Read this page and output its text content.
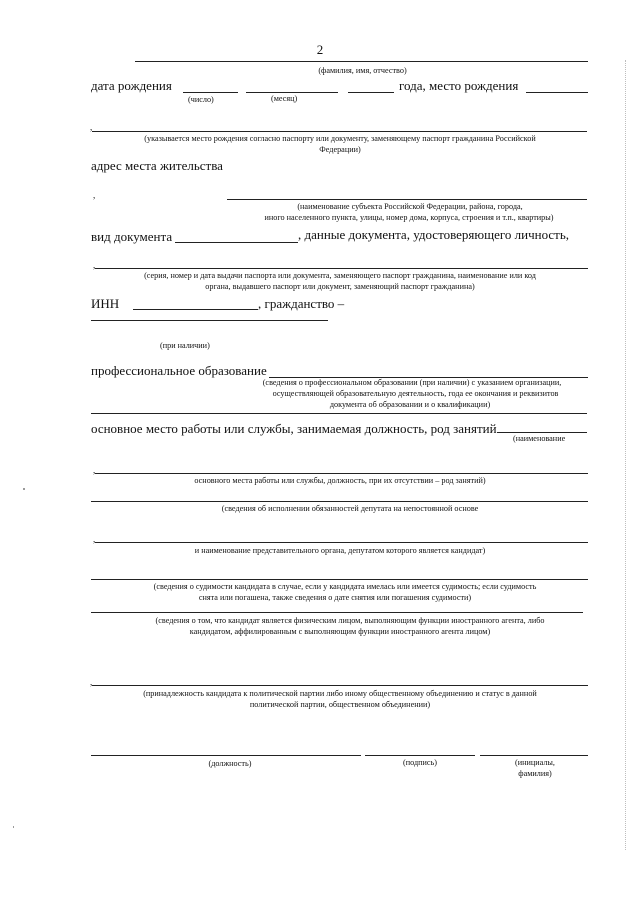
2
(фамилия, имя, отчество)
дата рождения	года, место рождения
(число)	(месяц)
,
(указывается место рождения согласно паспорту или документу, заменяющему паспорт гражданина Российской
Федерации)
адрес места жительства
,
(наименование субъекта Российской Федерации, района, города,
иного населенного пункта, улицы, номер дома, корпуса, строения и т.п., квартиры)
вид документа	, данные документа, удостоверяющего личность,
,
(серия, номер и дата выдачи паспорта или документа, заменяющего паспорт гражданина, наименование или код
органа, выдавшего паспорт или документ, заменяющий паспорт гражданина)
ИНН	, гражданство –
(при наличии)
профессиональное образование
(сведения о профессиональном образовании (при наличии) с указанием организации,
осуществляющей образовательную деятельность, года ее окончания и реквизитов
документа об образовании и о квалификации)
основное место работы или службы, занимаемая должность, род занятий
(наименование
,
основного места работы или службы, должность, при их отсутствии – род занятий)
(сведения об исполнении обязанностей депутата на непостоянной основе
,
и наименование представительного органа, депутатом которого является кандидат)
(сведения о судимости кандидата в случае, если у кандидата имелась или имеется судимость; если судимость
снята или погашена, также сведения о дате снятия или погашения судимости)
(сведения о том, что кандидат является физическим лицом, выполняющим функции иностранного агента, либо
кандидатом, аффилированным с выполняющим функции иностранного агента лицом)
,
(принадлежность кандидата к политической партии либо иному общественному объединению и статус в данной
политической партии, общественном объединении)
(должность)	(подпись)	(инициалы,
фамилия)
